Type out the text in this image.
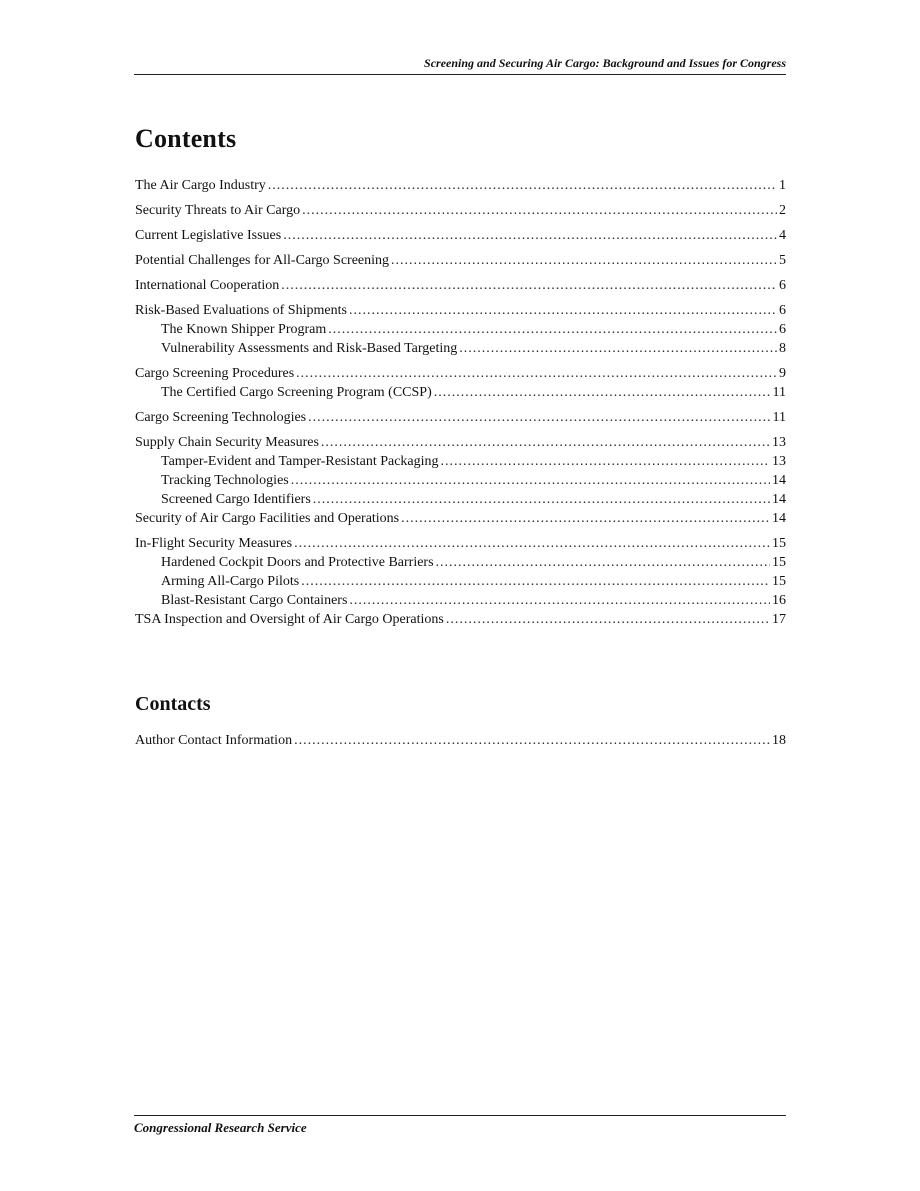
Screening and Securing Air Cargo: Background and Issues for Congress
Contents
The Air Cargo Industry .....	1
Security Threats to Air Cargo .....	2
Current Legislative Issues .....	4
Potential Challenges for All-Cargo Screening .....	5
International Cooperation .....	6
Risk-Based Evaluations of Shipments .....	6
The Known Shipper Program .....	6
Vulnerability Assessments and Risk-Based Targeting .....	8
Cargo Screening Procedures .....	9
The Certified Cargo Screening Program (CCSP) .....	11
Cargo Screening Technologies .....	11
Supply Chain Security Measures .....	13
Tamper-Evident and Tamper-Resistant Packaging .....	13
Tracking Technologies .....	14
Screened Cargo Identifiers .....	14
Security of Air Cargo Facilities and Operations .....	14
In-Flight Security Measures .....	15
Hardened Cockpit Doors and Protective Barriers .....	15
Arming All-Cargo Pilots .....	15
Blast-Resistant Cargo Containers .....	16
TSA Inspection and Oversight of Air Cargo Operations .....	17
Contacts
Author Contact Information .....	18
Congressional Research Service
